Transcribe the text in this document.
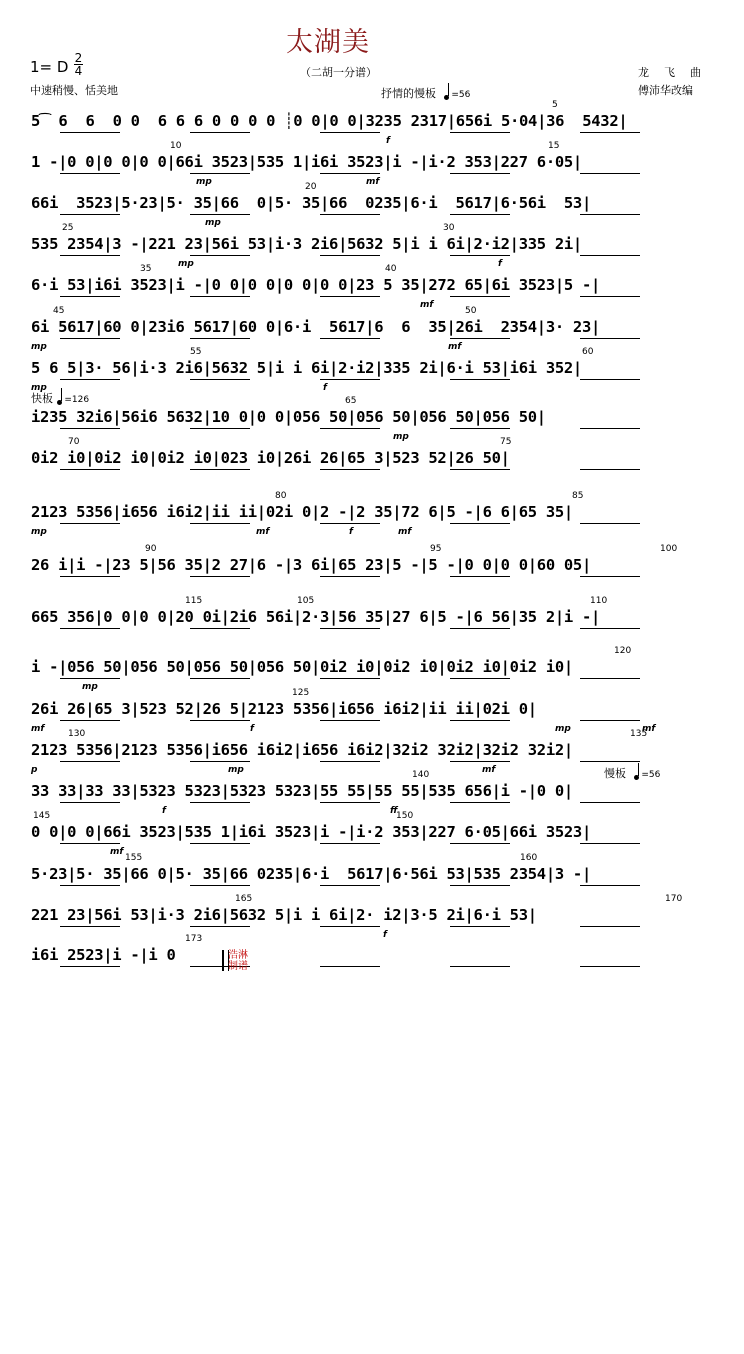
太湖美
（二胡一分谱）
1= D 2
4
中速稍慢、恬美地
龙　飞　曲
傅沛华改编
抒情的慢板 =56
快板 =126
慢板 =56
5͡ 6  6  0 0  6 6 6 0 0 0 0 ┊0 0|0 0|3235 2317|656i 5·04|36  5432|
5
f
1 -|0 0|0 0|0 0|66i 3523|535 1|i6i 3523|i -|i·2 353|227 6·05|
10	15
mp	mf
66i  3523|5·23|5· 35|66  0|5· 35|66  0235|6·i  5617|6·56i  53|
20
mp
535 2354|3 -|221 23|56i 53|i·3 2i6|5632 5|i i 6i|2·i2|335 2i|
25	30
mp	f
6·i 53|i6i 3523|i -|0 0|0 0|0 0|0 0|23 5 35|272 65|6i 3523|5 -|
35	40
mf
6i 5617|60 0|23i6 5617|60 0|6·i  5617|6  6  35|26i  2354|3· 23|
45	50
mp	mf
5 6 5|3· 56|i·3 2i6|5632 5|i i 6i|2·i2|335 2i|6·i 53|i6i 352|
55	60
mp	f
i235 32i6|56i6 5632|10 0|0 0|056 50|056 50|056 50|056 50|
65
mp
0i2 i0|0i2 i0|0i2 i0|023 i0|26i 26|65 3|523 52|26 50|
70	75
2123 5356|i656 i6i2|ii ii|02i 0|2 -|2 35|72 6|5 -|6 6|65 35|
80	85
mp	mf	f	mf
26 i|i -|23 5|56 35|2 27|6 -|3 6i|65 23|5 -|5 -|0 0|0 0|60 05|
90	95	100
665 356|0 0|0 0|20 0i|2i6 56i|2·3|56 35|27 6|5 -|6 56|35 2|i -|
105	110
115
i -|056 50|056 50|056 50|056 50|0i2 i0|0i2 i0|0i2 i0|0i2 i0|
120
mp
26i 26|65 3|523 52|26 5|2123 5356|i656 i6i2|ii ii|02i 0|
125
mf	mp	mf
f
2123 5356|2123 5356|i656 i6i2|i656 i6i2|32i2 32i2|32i2 32i2|
130	135
p	mp	mf
33 33|33 33|5323 5323|5323 5323|55 55|55 55|535 656|i -|0 0|
140
f	ff
0 0|0 0|66i 3523|535 1|i6i 3523|i -|i·2 353|227 6·05|66i 3523|
145	150
mf
5·23|5· 35|66 0|5· 35|66 0235|6·i  5617|6·56i 53|535 2354|3 -|
155	160
221 23|56i 53|i·3 2i6|5632 5|i i 6i|2· i2|3·5 2i|6·i 53|
165	170
f
i6i 2523|i -|i 0
173
浩淋
制谱
